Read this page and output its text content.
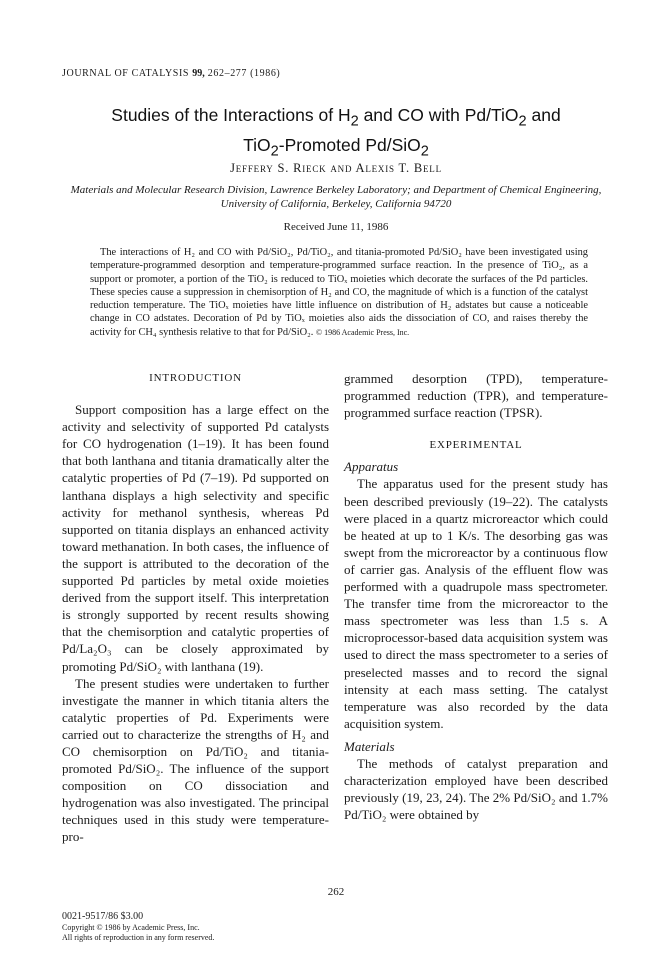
JOURNAL OF CATALYSIS 99, 262–277 (1986)
Studies of the Interactions of $H_2$ and CO with Pd/TiO$_2$ and
TiO$_2$-Promoted Pd/SiO$_2$
Jeffery S. Rieck and Alexis T. Bell
Materials and Molecular Research Division, Lawrence Berkeley Laboratory; and Department of Chemical Engineering, University of California, Berkeley, California 94720
Received June 11, 1986
The interactions of H₂ and CO with Pd/SiO₂, Pd/TiO₂, and titania-promoted Pd/SiO₂ have been investigated using temperature-programmed desorption and temperature-programmed surface reaction. In the presence of TiO₂, as a support or promoter, a portion of the TiO₂ is reduced to TiOₓ moieties which decorate the surfaces of the Pd particles. These species cause a suppression in chemisorption of H₂ and CO, the magnitude of which is a function of the catalyst reduction temperature. The TiOₓ moieties have little influence on distribution of H₂ adstates but cause a noticeable change in CO adstates. Decoration of Pd by TiOₓ moieties also aids the dissociation of CO, and raises thereby the activity for CH₄ synthesis relative to that for Pd/SiO₂. © 1986 Academic Press, Inc.

INTRODUCTION

Support composition has a large effect on the activity and selectivity of supported Pd catalysts for CO hydrogenation (1–19). It has been found that both lanthana and titania dramatically alter the catalytic properties of Pd (7–19). Pd supported on lanthana displays a high selectivity and specific activity for methanol synthesis, whereas Pd supported on titania displays an enhanced activity toward methanation. In both cases, the influence of the support is attributed to the decoration of the supported Pd particles by metal oxide moieties derived from the support itself. This interpretation is strongly supported by recent results showing that the chemisorption and catalytic properties of Pd/La₂O₃ can be closely approximated by promoting Pd/SiO₂ with lanthana (19).

The present studies were undertaken to further investigate the manner in which titania alters the catalytic properties of Pd. Experiments were carried out to characterize the strengths of H₂ and CO chemisorption on Pd/TiO₂ and titania-promoted Pd/SiO₂. The influence of the support composition on CO dissociation and hydrogenation was also investigated. The principal techniques used in this study were temperature-pro-

grammed desorption (TPD), temperature-programmed reduction (TPR), and temperature-programmed surface reaction (TPSR).

EXPERIMENTAL

Apparatus

The apparatus used for the present study has been described previously (19–22). The catalysts were placed in a quartz microreactor which could be heated at up to 1 K/s. The desorbing gas was swept from the microreactor by a continuous flow of carrier gas. Analysis of the effluent flow was performed with a quadrupole mass spectrometer. The transfer time from the microreactor to the mass spectrometer was less than 1.5 s. A microprocessor-based data acquisition system was used to direct the mass spectrometer to a series of preselected masses and to record the signal intensity at each mass setting. The catalyst temperature was also recorded by the data acquisition system.

Materials

The methods of catalyst preparation and characterization employed have been described previously (19, 23, 24). The 2% Pd/SiO₂ and 1.7% Pd/TiO₂ were obtained by

262
0021-9517/86 $3.00
Copyright © 1986 by Academic Press, Inc.
All rights of reproduction in any form reserved.
